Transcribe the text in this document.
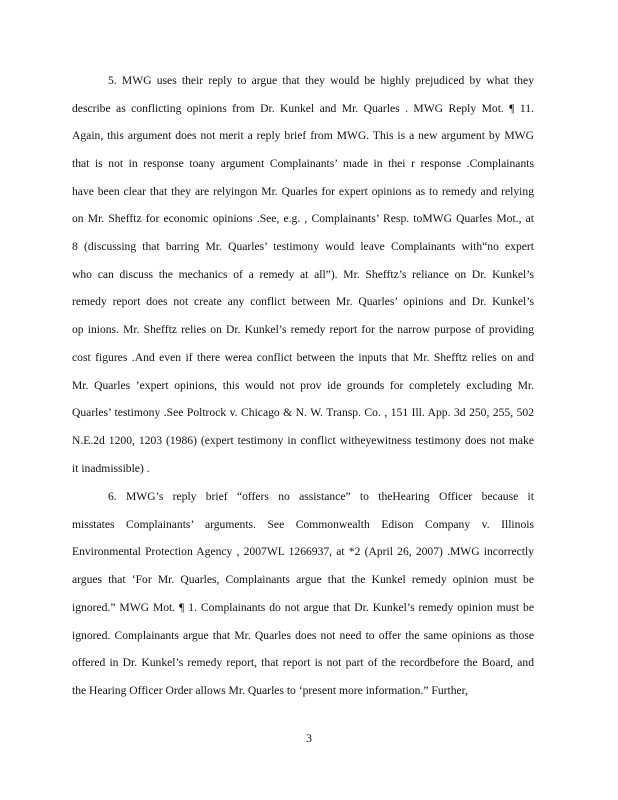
5. MWG uses their reply to argue that they would be highly prejudiced by what they
describe as conflicting opinions from Dr. Kunkel and Mr. Quarles . MWG Reply Mot. ¶ 11.
Again, this argument does not merit a reply brief from MWG. This is a new argument by MWG
that is not in response toany argument Complainants’ made in thei r response .Complainants
have been clear that they are relyingon Mr. Quarles for expert opinions as to remedy and relying
on Mr. Shefftz for economic opinions .See, e.g. , Complainants’ Resp. toMWG Quarles Mot., at
8 (discussing that barring Mr. Quarles’ testimony would leave Complainants with“no expert
who can discuss the mechanics of a remedy at all”). Mr. Shefftz’s reliance on Dr. Kunkel’s
remedy report does not create any conflict between Mr. Quarles’ opinions and Dr. Kunkel’s
op inions. Mr. Shefftz relies on Dr. Kunkel’s remedy report for the narrow purpose of providing
cost figures .And even if there werea conflict between the inputs that Mr. Shefftz relies on and
Mr. Quarles ’expert opinions, this would not prov ide grounds for completely excluding Mr.
Quarles’ testimony .See Poltrock v. Chicago & N. W. Transp. Co. , 151 Ill. App. 3d 250, 255, 502
N.E.2d 1200, 1203 (1986) (expert testimony in conflict witheyewitness testimony does not make
it inadmissible) .
6. MWG’s reply brief “offers no assistance” to theHearing Officer because it
misstates Complainants’ arguments. See Commonwealth Edison Company v. Illinois
Environmental Protection Agency , 2007WL 1266937, at *2 (April 26, 2007) .MWG incorrectly
argues that ‘For Mr. Quarles, Complainants argue that the Kunkel remedy opinion must be
ignored.” MWG Mot. ¶ 1. Complainants do not argue that Dr. Kunkel’s remedy opinion must be
ignored. Complainants argue that Mr. Quarles does not need to offer the same opinions as those
offered in Dr. Kunkel’s remedy report, that report is not part of the recordbefore the Board, and
the Hearing Officer Order allows Mr. Quarles to ‘present more information.” Further,
3
